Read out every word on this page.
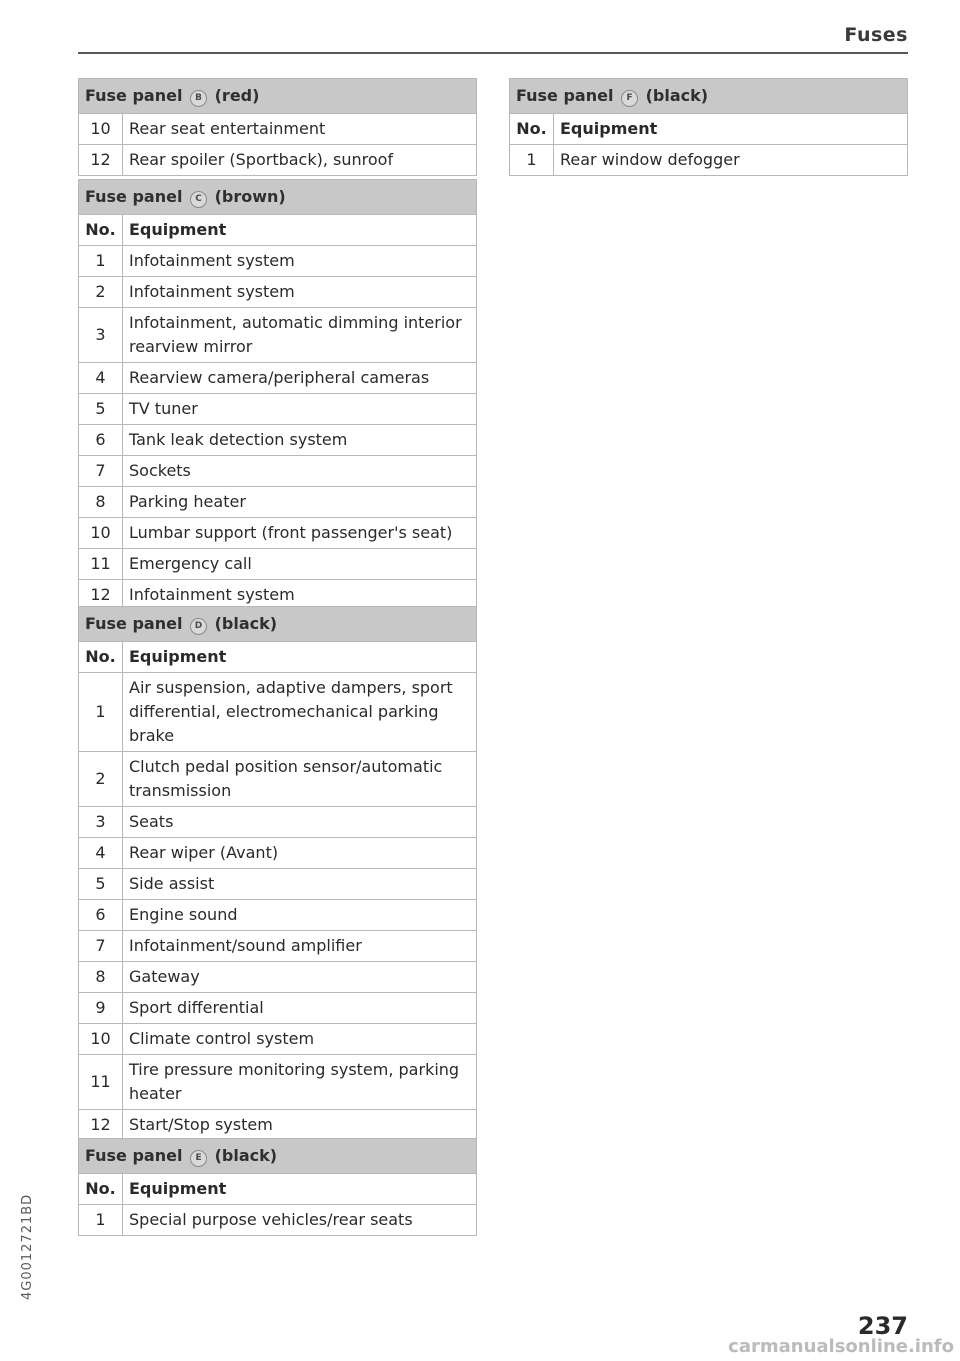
Fuses
Fuse panel B (red)	
10	Rear seat entertainment
12	Rear spoiler (Sportback), sunroof
Fuse panel C (brown)	
No.	Equipment
1	Infotainment system
2	Infotainment system
3	Infotainment, automatic dimming interior rearview mirror
4	Rearview camera/peripheral cameras
5	TV tuner
6	Tank leak detection system
7	Sockets
8	Parking heater
10	Lumbar support (front passenger's seat)
11	Emergency call
12	Infotainment system
Fuse panel D (black)	
No.	Equipment
1	Air suspension, adaptive dampers, sport differential, electromechanical parking brake
2	Clutch pedal position sensor/automatic transmission
3	Seats
4	Rear wiper (Avant)
5	Side assist
6	Engine sound
7	Infotainment/sound amplifier
8	Gateway
9	Sport differential
10	Climate control system
11	Tire pressure monitoring system, parking heater
12	Start/Stop system
Fuse panel E (black)	
No.	Equipment
1	Special purpose vehicles/rear seats
Fuse panel F (black)	
No.	Equipment
1	Rear window defogger
4G0012721BD
237
carmanualsonline.info
